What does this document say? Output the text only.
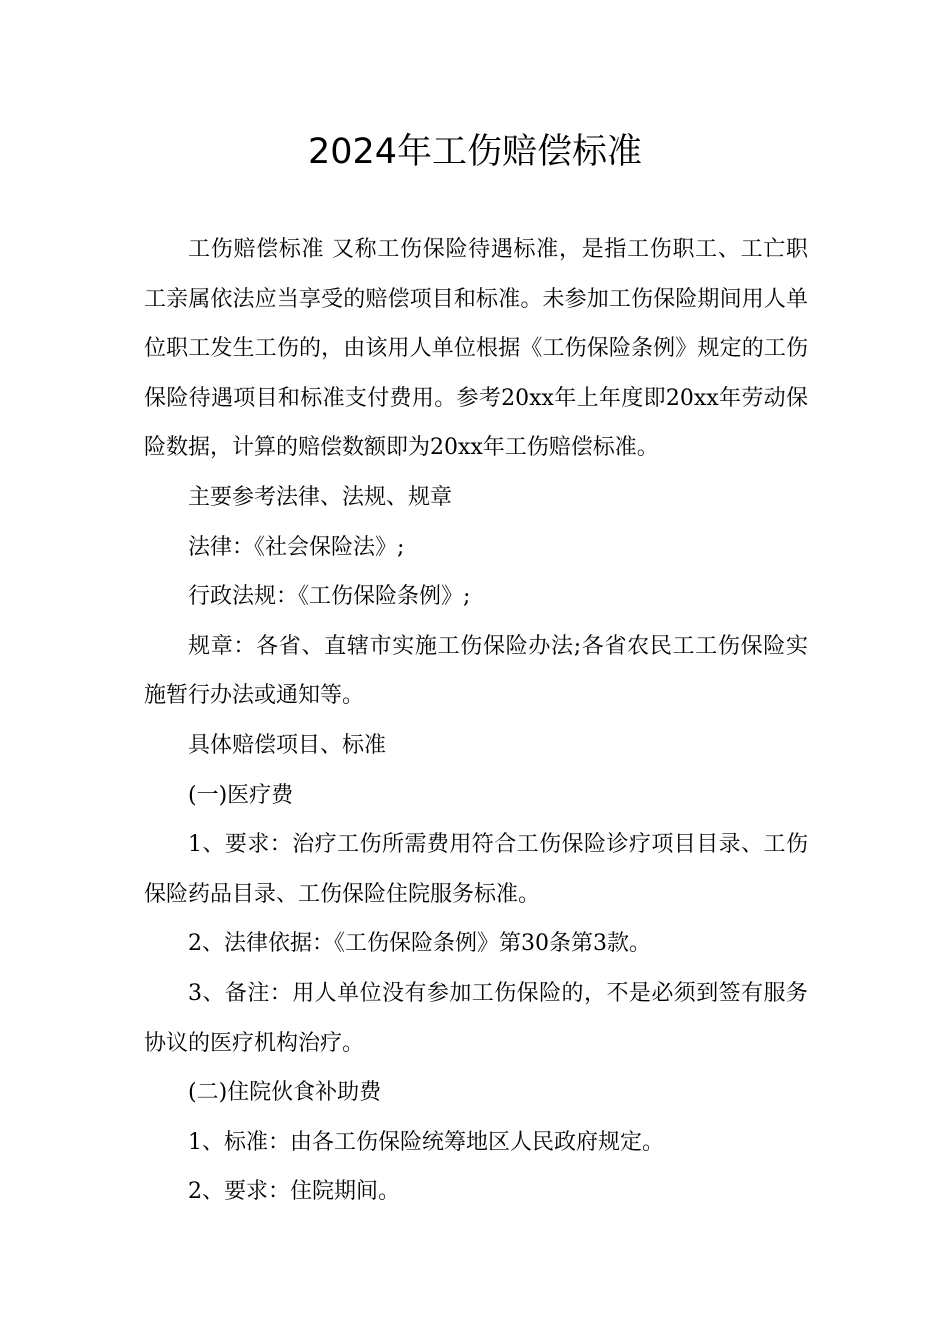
2024年工伤赔偿标准

工伤赔偿标准 又称工伤保险待遇标准，是指工伤职工、工亡职工亲属依法应当享受的赔偿项目和标准。未参加工伤保险期间用人单位职工发生工伤的，由该用人单位根据《工伤保险条例》规定的工伤保险待遇项目和标准支付费用。参考20xx年上年度即20xx年劳动保险数据，计算的赔偿数额即为20xx年工伤赔偿标准。

主要参考法律、法规、规章

法律：《社会保险法》;

行政法规：《工伤保险条例》;

规章：各省、直辖市实施工伤保险办法;各省农民工工伤保险实施暂行办法或通知等。

具体赔偿项目、标准

(一)医疗费

1、要求：治疗工伤所需费用符合工伤保险诊疗项目目录、工伤保险药品目录、工伤保险住院服务标准。

2、法律依据：《工伤保险条例》第30条第3款。

3、备注：用人单位没有参加工伤保险的，不是必须到签有服务协议的医疗机构治疗。

(二)住院伙食补助费

1、标准：由各工伤保险统筹地区人民政府规定。

2、要求：住院期间。
